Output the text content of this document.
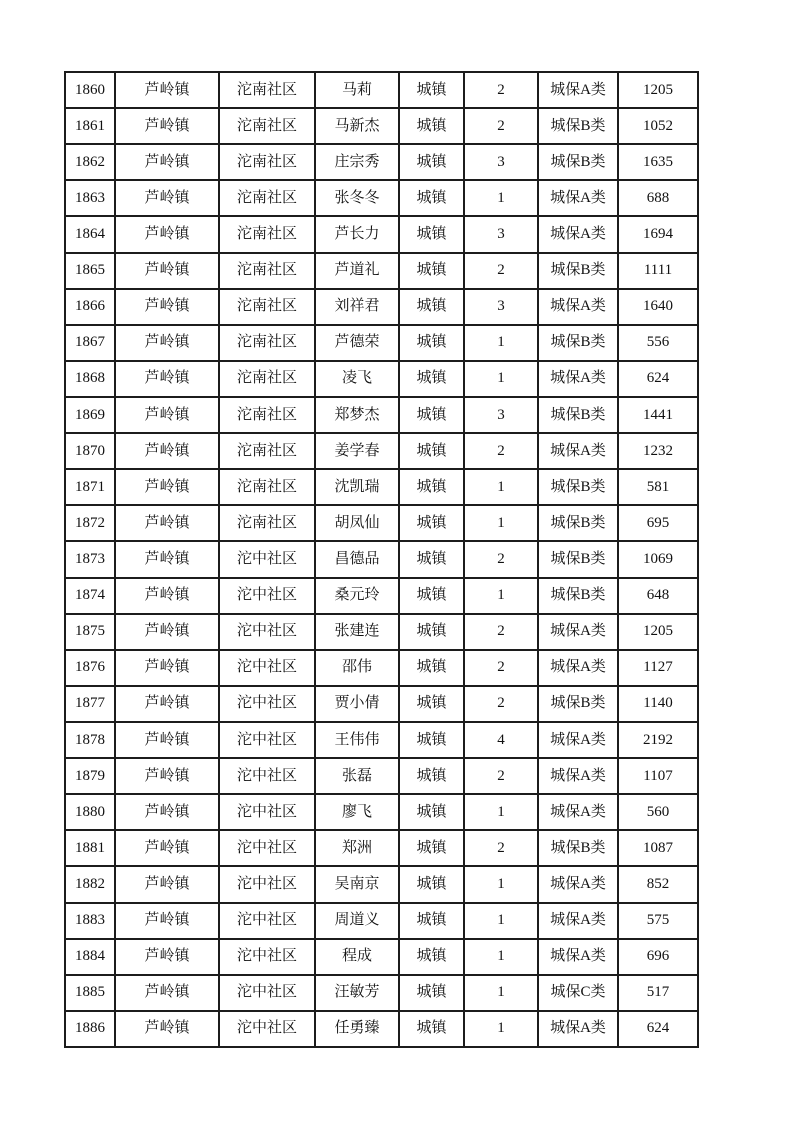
1860	芦岭镇	沱南社区	马莉	城镇	2	城保A类	1205
1861	芦岭镇	沱南社区	马新杰	城镇	2	城保B类	1052
1862	芦岭镇	沱南社区	庄宗秀	城镇	3	城保B类	1635
1863	芦岭镇	沱南社区	张冬冬	城镇	1	城保A类	688
1864	芦岭镇	沱南社区	芦长力	城镇	3	城保A类	1694
1865	芦岭镇	沱南社区	芦道礼	城镇	2	城保B类	1111
1866	芦岭镇	沱南社区	刘祥君	城镇	3	城保A类	1640
1867	芦岭镇	沱南社区	芦德荣	城镇	1	城保B类	556
1868	芦岭镇	沱南社区	凌飞	城镇	1	城保A类	624
1869	芦岭镇	沱南社区	郑梦杰	城镇	3	城保B类	1441
1870	芦岭镇	沱南社区	姜学春	城镇	2	城保A类	1232
1871	芦岭镇	沱南社区	沈凯瑞	城镇	1	城保B类	581
1872	芦岭镇	沱南社区	胡凤仙	城镇	1	城保B类	695
1873	芦岭镇	沱中社区	昌德品	城镇	2	城保B类	1069
1874	芦岭镇	沱中社区	桑元玲	城镇	1	城保B类	648
1875	芦岭镇	沱中社区	张建连	城镇	2	城保A类	1205
1876	芦岭镇	沱中社区	邵伟	城镇	2	城保A类	1127
1877	芦岭镇	沱中社区	贾小倩	城镇	2	城保B类	1140
1878	芦岭镇	沱中社区	王伟伟	城镇	4	城保A类	2192
1879	芦岭镇	沱中社区	张磊	城镇	2	城保A类	1107
1880	芦岭镇	沱中社区	廖飞	城镇	1	城保A类	560
1881	芦岭镇	沱中社区	郑洲	城镇	2	城保B类	1087
1882	芦岭镇	沱中社区	吴南京	城镇	1	城保A类	852
1883	芦岭镇	沱中社区	周道义	城镇	1	城保A类	575
1884	芦岭镇	沱中社区	程成	城镇	1	城保A类	696
1885	芦岭镇	沱中社区	汪敏芳	城镇	1	城保C类	517
1886	芦岭镇	沱中社区	任勇臻	城镇	1	城保A类	624
